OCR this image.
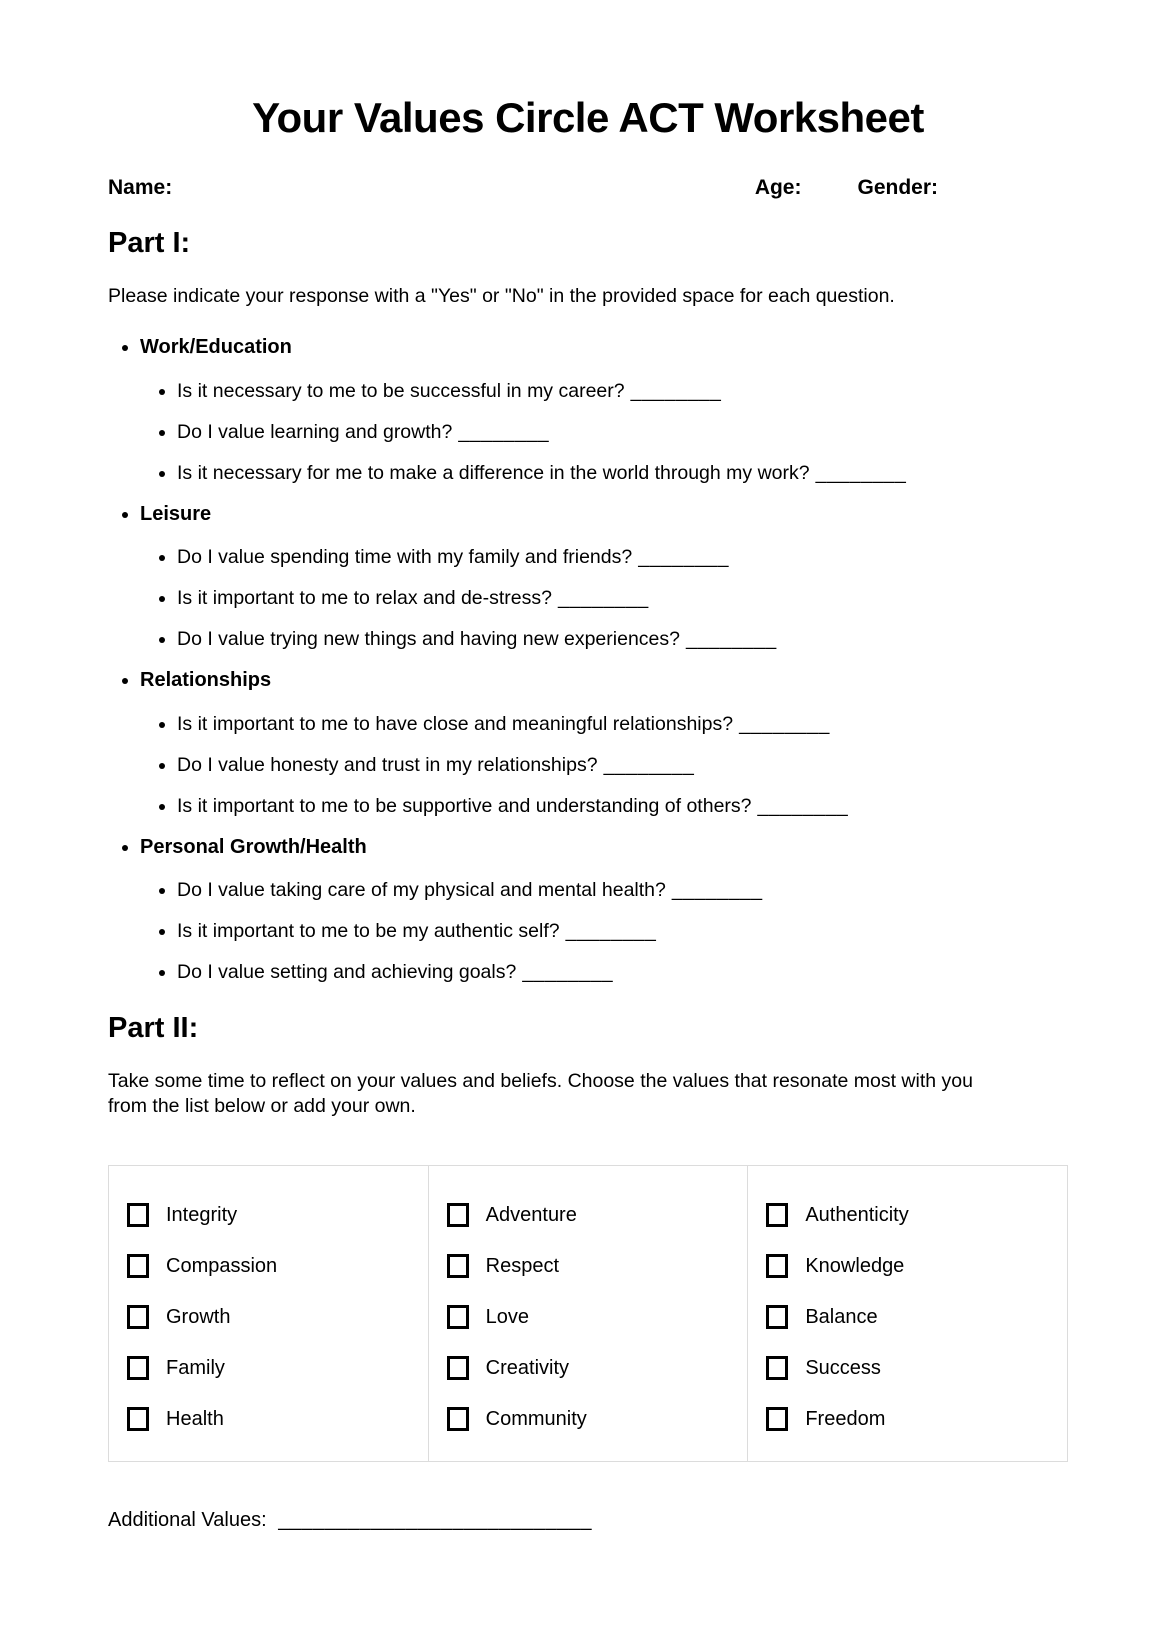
Your Values Circle ACT Worksheet
Name:	Age:	Gender:
Part I:

Please indicate your response with a "Yes" or "No" in the provided space for each question.

• Work/Education
• Is it necessary to me to be successful in my career? ________
• Do I value learning and growth? ________
• Is it necessary for me to make a difference in the world through my work? ________
• Leisure
• Do I value spending time with my family and friends? ________
• Is it important to me to relax and de-stress? ________
• Do I value trying new things and having new experiences? ________
• Relationships
• Is it important to me to have close and meaningful relationships? ________
• Do I value honesty and trust in my relationships? ________
• Is it important to me to be supportive and understanding of others? ________
• Personal Growth/Health
• Do I value taking care of my physical and mental health? ________
• Is it important to me to be my authentic self? ________
• Do I value setting and achieving goals? ________
Part II:

Take some time to reflect on your values and beliefs. Choose the values that resonate most with you from the list below or add your own.

Integrity
Compassion
Growth
Family
Health
Adventure
Respect
Love
Creativity
Community
Authenticity
Knowledge
Balance
Success
Freedom

Additional Values: ___________________________
